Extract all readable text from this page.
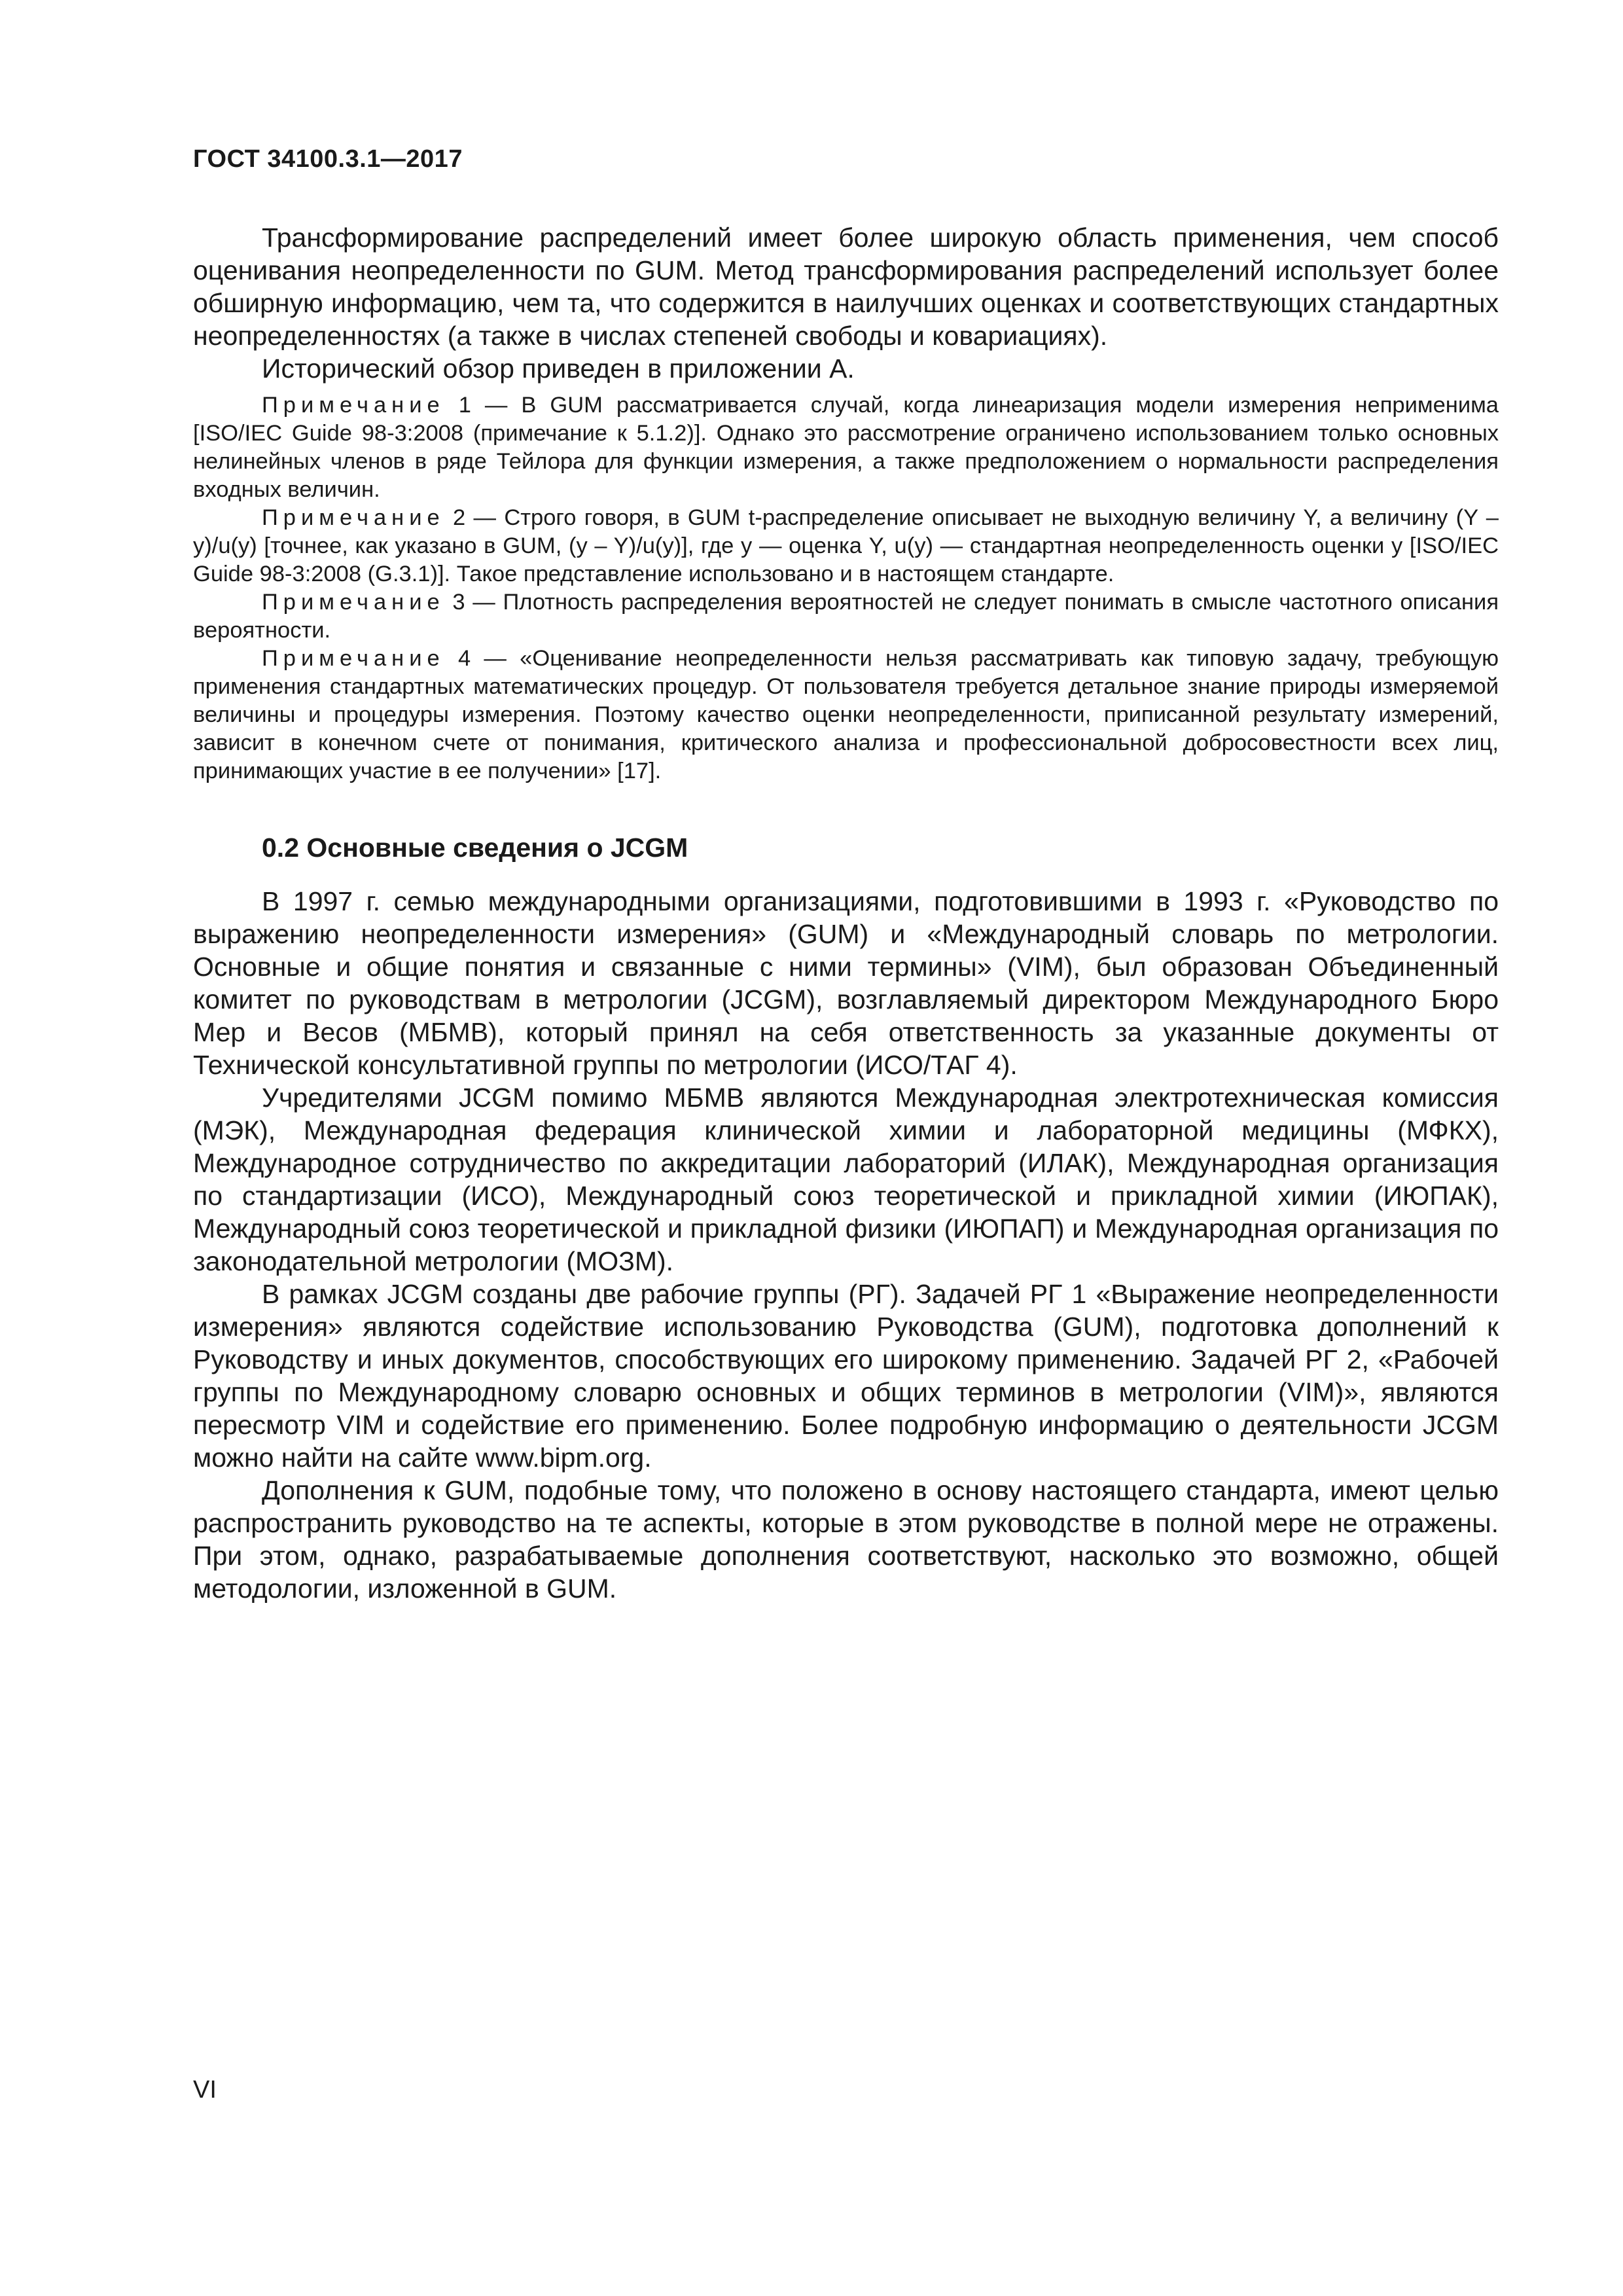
ГОСТ 34100.3.1—2017

Трансформирование распределений имеет более широкую область применения, чем способ оценивания неопределенности по GUM. Метод трансформирования распределений использует более обширную информацию, чем та, что содержится в наилучших оценках и соответствующих стандартных неопределенностях (а также в числах степеней свободы и ковариациях).

Исторический обзор приведен в приложении А.

Примечание 1 — В GUM рассматривается случай, когда линеаризация модели измерения неприменима [ISO/IEC Guide 98-3:2008 (примечание к 5.1.2)]. Однако это рассмотрение ограничено использованием только основных нелинейных членов в ряде Тейлора для функции измерения, а также предположением о нормальности распределения входных величин.

Примечание 2 — Строго говоря, в GUM t-распределение описывает не выходную величину Y, а величину (Y – y)/u(y) [точнее, как указано в GUM, (y – Y)/u(y)], где y — оценка Y, u(y) — стандартная неопределенность оценки y [ISO/IEC Guide 98-3:2008 (G.3.1)]. Такое представление использовано и в настоящем стандарте.

Примечание 3 — Плотность распределения вероятностей не следует понимать в смысле частотного описания вероятности.

Примечание 4 — «Оценивание неопределенности нельзя рассматривать как типовую задачу, требующую применения стандартных математических процедур. От пользователя требуется детальное знание природы измеряемой величины и процедуры измерения. Поэтому качество оценки неопределенности, приписанной результату измерений, зависит в конечном счете от понимания, критического анализа и профессиональной добросовестности всех лиц, принимающих участие в ее получении» [17].

0.2 Основные сведения о JCGM

В 1997 г. семью международными организациями, подготовившими в 1993 г. «Руководство по выражению неопределенности измерения» (GUM) и «Международный словарь по метрологии. Основные и общие понятия и связанные с ними термины» (VIM), был образован Объединенный комитет по руководствам в метрологии (JCGM), возглавляемый директором Международного Бюро Мер и Весов (МБМВ), который принял на себя ответственность за указанные документы от Технической консультативной группы по метрологии (ИСО/ТАГ 4).

Учредителями JCGM помимо МБМВ являются Международная электротехническая комиссия (МЭК), Международная федерация клинической химии и лабораторной медицины (МФКХ), Международное сотрудничество по аккредитации лабораторий (ИЛАК), Международная организация по стандартизации (ИСО), Международный союз теоретической и прикладной химии (ИЮПАК), Международный союз теоретической и прикладной физики (ИЮПАП) и Международная организация по законодательной метрологии (МОЗМ).

В рамках JCGM созданы две рабочие группы (РГ). Задачей РГ 1 «Выражение неопределенности измерения» являются содействие использованию Руководства (GUM), подготовка дополнений к Руководству и иных документов, способствующих его широкому применению. Задачей РГ 2, «Рабочей группы по Международному словарю основных и общих терминов в метрологии (VIM)», являются пересмотр VIM и содействие его применению. Более подробную информацию о деятельности JCGM можно найти на сайте www.bipm.org.

Дополнения к GUM, подобные тому, что положено в основу настоящего стандарта, имеют целью распространить руководство на те аспекты, которые в этом руководстве в полной мере не отражены. При этом, однако, разрабатываемые дополнения соответствуют, насколько это возможно, общей методологии, изложенной в GUM.

VI
